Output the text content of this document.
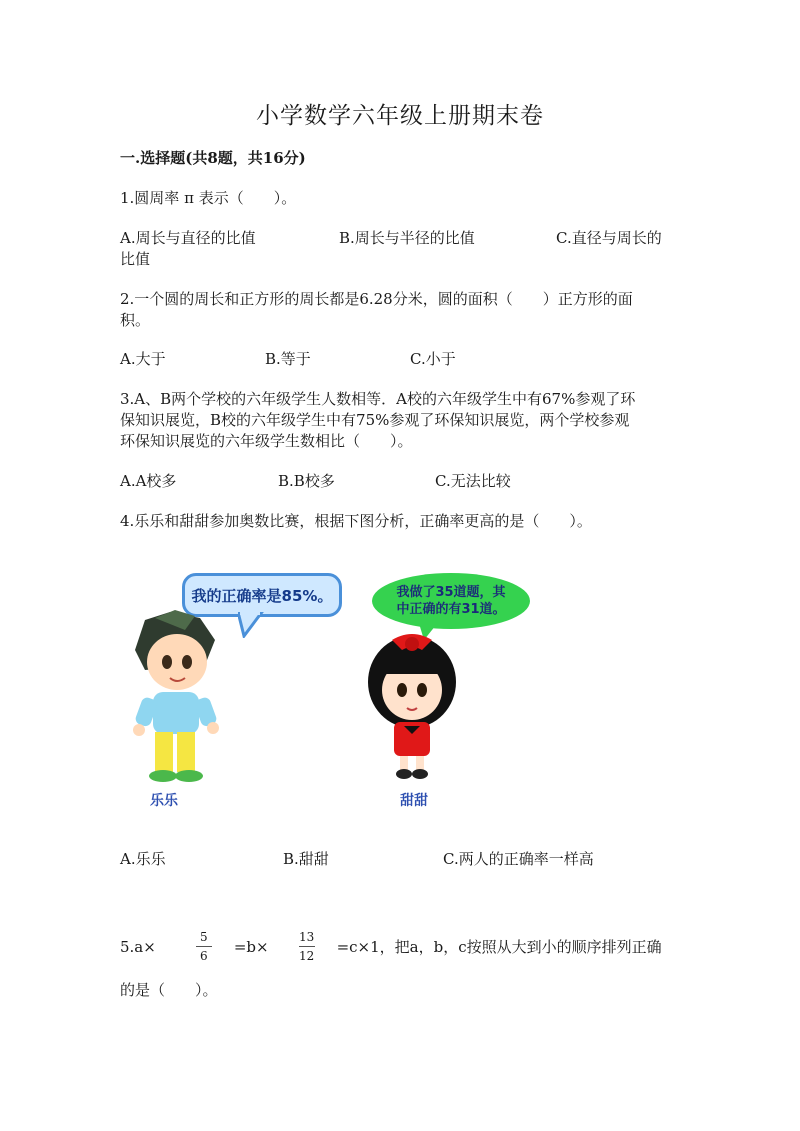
小学数学六年级上册期末卷
一.选择题(共8题，共16分)
1.圆周率 π 表示（　　）。
A.周长与直径的比值	B.周长与半径的比值	C.直径与周长的
比值
2.一个圆的周长和正方形的周长都是6.28分米，圆的面积（　　）正方形的面
积。
A.大于	B.等于	C.小于
3.A、B两个学校的六年级学生人数相等．A校的六年级学生中有67%参观了环
保知识展览，B校的六年级学生中有75%参观了环保知识展览，两个学校参观
环保知识展览的六年级学生数相比（　　）。
A.A校多	B.B校多	C.无法比较
4.乐乐和甜甜参加奥数比赛，根据下图分析，正确率更高的是（　　）。
我的正确率是85%。	我做了35道题，其
中正确的有31道。
乐乐	甜甜
A.乐乐	B.甜甜	C.两人的正确率一样高
5.a×	$\frac{5}{6} =b\times$	$\frac{13}{12} =c\times 1$，把a，b，c按照从大到小的顺序排列正确
的是（　　）。
